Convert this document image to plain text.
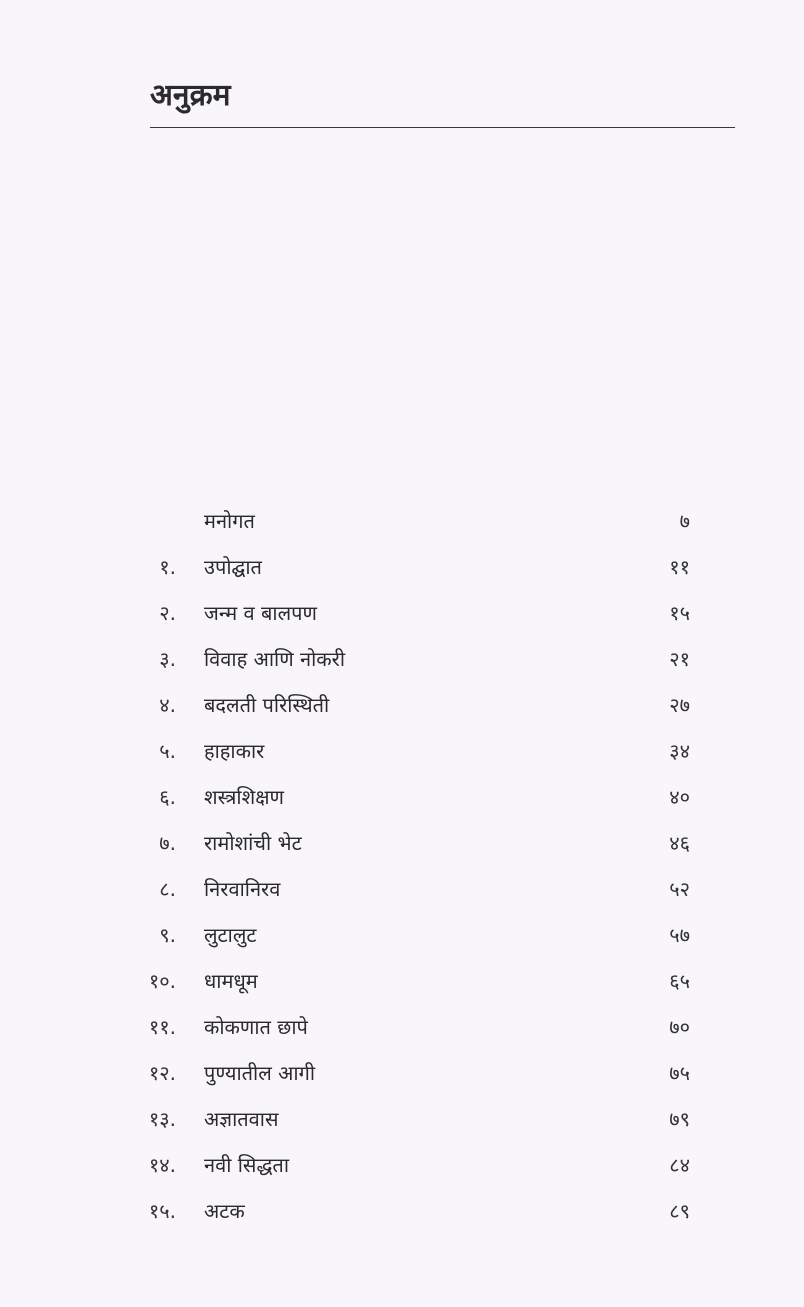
अनुक्रम
मनोगत	७
१. उपोद्घात	११
२. जन्म व बालपण	१५
३. विवाह आणि नोकरी	२१
४. बदलती परिस्थिती	२७
५. हाहाकार	३४
६. शस्त्रशिक्षण	४०
७. रामोशांची भेट	४६
८. निरवानिरव	५२
९. लुटालुट	५७
१०. धामधूम	६५
११. कोकणात छापे	७०
१२. पुण्यातील आगी	७५
१३. अज्ञातवास	७९
१४. नवी सिद्धता	८४
१५. अटक	८९
